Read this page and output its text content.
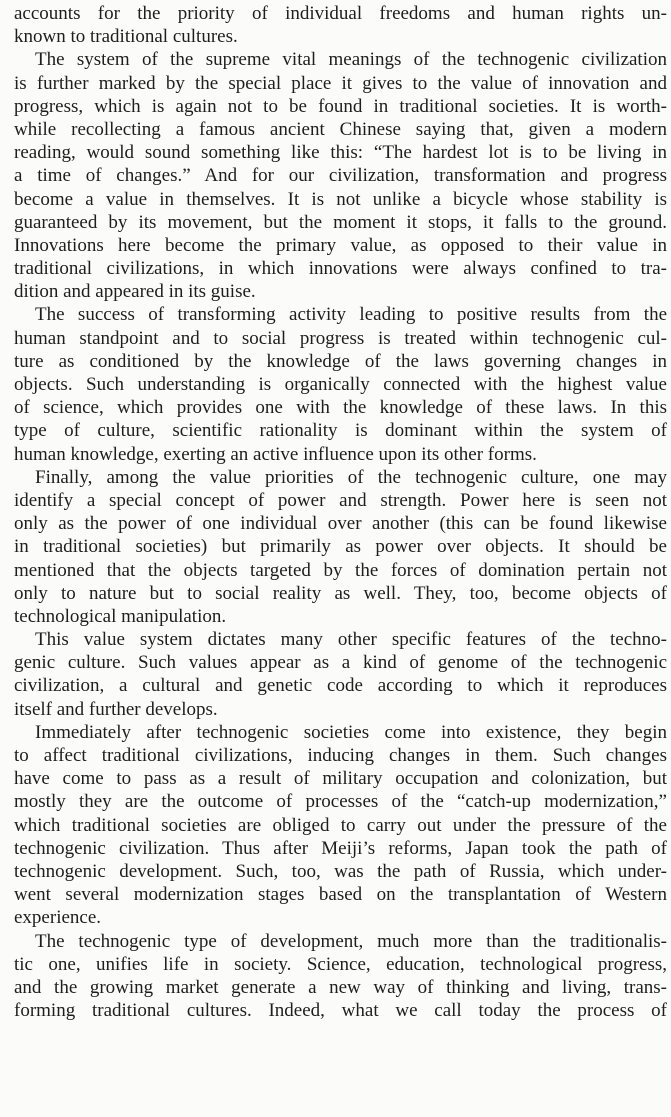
accounts for the priority of individual freedoms and human rights un-
known to traditional cultures.
The system of the supreme vital meanings of the technogenic civilization
is further marked by the special place it gives to the value of innovation and
progress, which is again not to be found in traditional societies. It is worth-
while recollecting a famous ancient Chinese saying that, given a modern
reading, would sound something like this: “The hardest lot is to be living in
a time of changes.” And for our civilization, transformation and progress
become a value in themselves. It is not unlike a bicycle whose stability is
guaranteed by its movement, but the moment it stops, it falls to the ground.
Innovations here become the primary value, as opposed to their value in
traditional civilizations, in which innovations were always confined to tra-
dition and appeared in its guise.
The success of transforming activity leading to positive results from the
human standpoint and to social progress is treated within technogenic cul-
ture as conditioned by the knowledge of the laws governing changes in
objects. Such understanding is organically connected with the highest value
of science, which provides one with the knowledge of these laws. In this
type of culture, scientific rationality is dominant within the system of
human knowledge, exerting an active influence upon its other forms.
Finally, among the value priorities of the technogenic culture, one may
identify a special concept of power and strength. Power here is seen not
only as the power of one individual over another (this can be found likewise
in traditional societies) but primarily as power over objects. It should be
mentioned that the objects targeted by the forces of domination pertain not
only to nature but to social reality as well. They, too, become objects of
technological manipulation.
This value system dictates many other specific features of the techno-
genic culture. Such values appear as a kind of genome of the technogenic
civilization, a cultural and genetic code according to which it reproduces
itself and further develops.
Immediately after technogenic societies come into existence, they begin
to affect traditional civilizations, inducing changes in them. Such changes
have come to pass as a result of military occupation and colonization, but
mostly they are the outcome of processes of the “catch-up modernization,”
which traditional societies are obliged to carry out under the pressure of the
technogenic civilization. Thus after Meiji’s reforms, Japan took the path of
technogenic development. Such, too, was the path of Russia, which under-
went several modernization stages based on the transplantation of Western
experience.
The technogenic type of development, much more than the traditionalis-
tic one, unifies life in society. Science, education, technological progress,
and the growing market generate a new way of thinking and living, trans-
forming traditional cultures. Indeed, what we call today the process of
